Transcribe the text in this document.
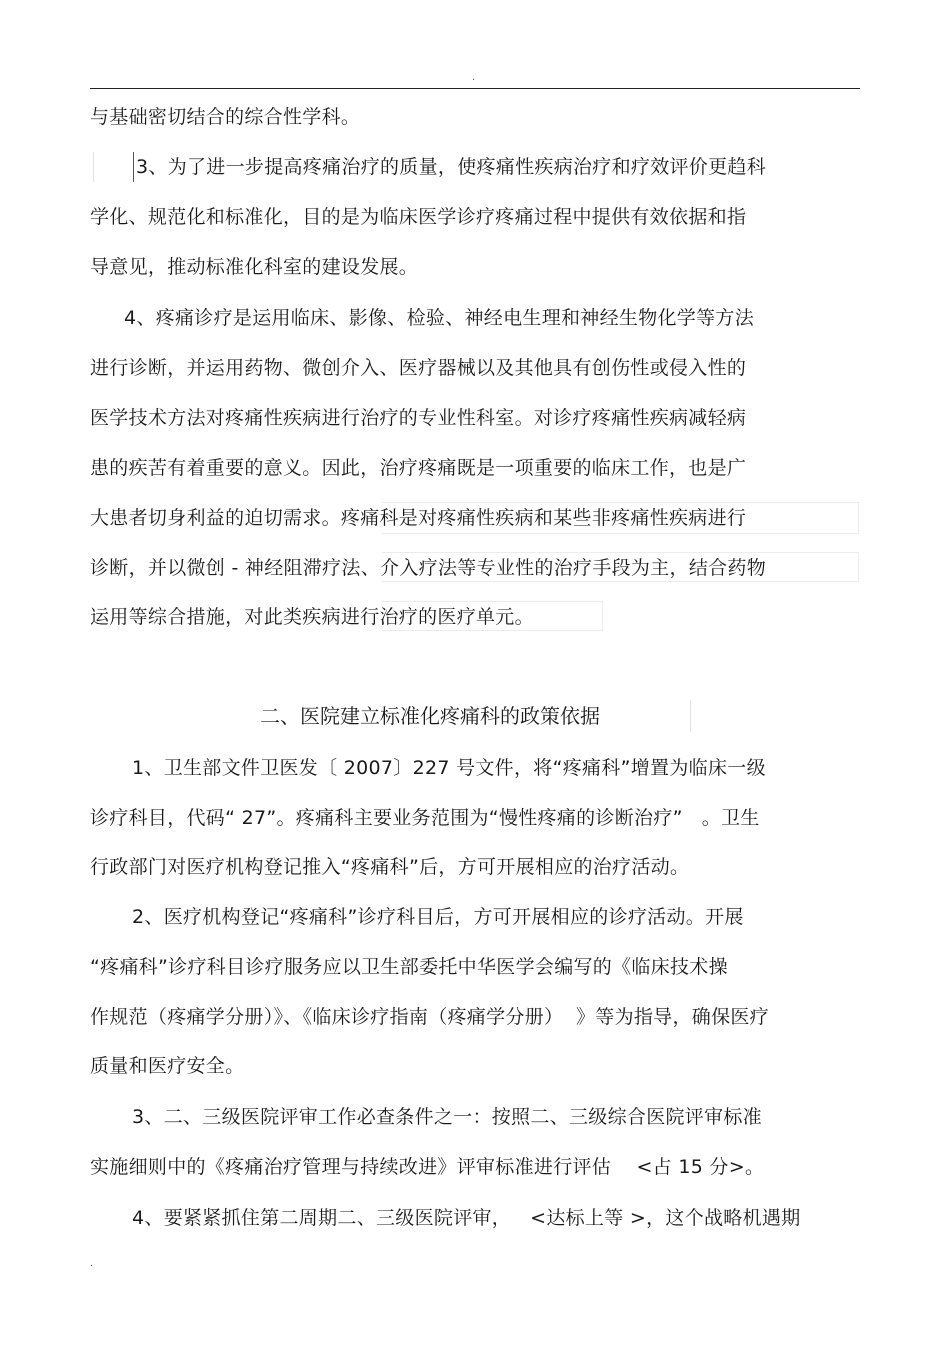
.
与基础密切结合的综合性学科。
3、为了进一步提高疼痛治疗的质量，使疼痛性疾病治疗和疗效评价更趋科
学化、规范化和标准化，目的是为临床医学诊疗疼痛过程中提供有效依据和指
导意见，推动标准化科室的建设发展。
4、疼痛诊疗是运用临床、影像、检验、神经电生理和神经生物化学等方法
进行诊断，并运用药物、微创介入、医疗器械以及其他具有创伤性或侵入性的
医学技术方法对疼痛性疾病进行治疗的专业性科室。对诊疗疼痛性疾病减轻病
患的疾苦有着重要的意义。因此，治疗疼痛既是一项重要的临床工作，也是广
大患者切身利益的迫切需求。疼痛科是对疼痛性疾病和某些非疼痛性疾病进行
诊断，并以微创 - 神经阻滞疗法、介入疗法等专业性的治疗手段为主，结合药物
运用等综合措施，对此类疾病进行治疗的医疗单元。
二、医院建立标准化疼痛科的政策依据
1、卫生部文件卫医发〔 2007〕227 号文件，将“疼痛科”增置为临床一级
诊疗科目，代码“ 27”。疼痛科主要业务范围为“慢性疼痛的诊断治疗”   。卫生
行政部门对医疗机构登记推入“疼痛科”后，方可开展相应的治疗活动。
2、医疗机构登记“疼痛科”诊疗科目后，方可开展相应的诊疗活动。开展
“疼痛科”诊疗科目诊疗服务应以卫生部委托中华医学会编写的《临床技术操
作规范（疼痛学分册）》、《临床诊疗指南（疼痛学分册）  》等为指导，确保医疗
质量和医疗安全。
3、二、三级医院评审工作必查条件之一：按照二、三级综合医院评审标准
实施细则中的《疼痛治疗管理与持续改进》评审标准进行评估    <占 15 分>。
4、要紧紧抓住第二周期二、三级医院评审，   <达标上等 >，这个战略机遇期
.
